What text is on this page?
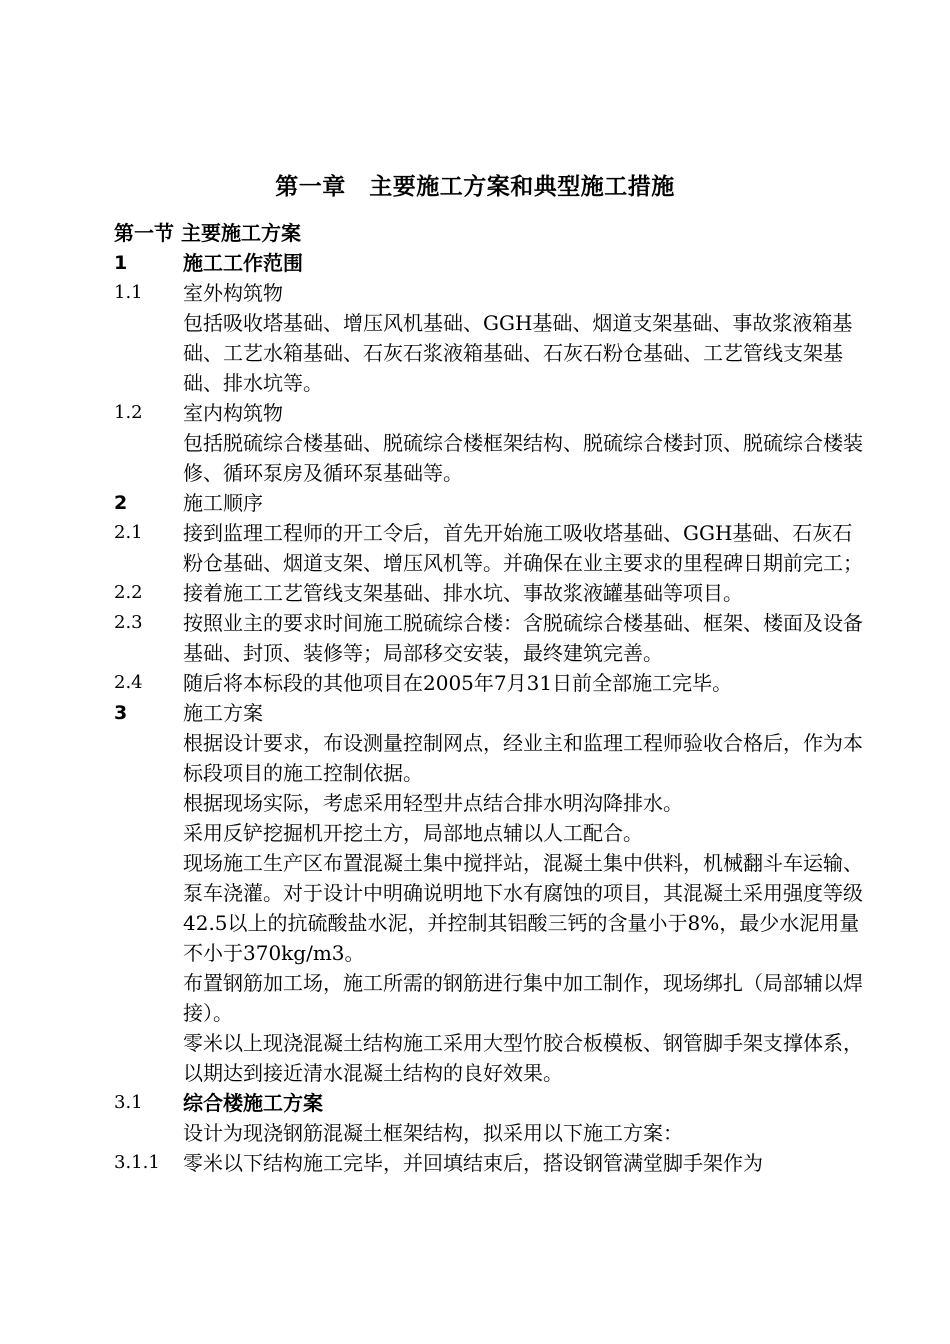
第一章　主要施工方案和典型施工措施
第一节 主要施工方案
1	施工工作范围
1.1	室外构筑物
包括吸收塔基础、增压风机基础、GGH基础、烟道支架基础、事故浆液箱基础、工艺水箱基础、石灰石浆液箱基础、石灰石粉仓基础、工艺管线支架基础、排水坑等。
1.2	室内构筑物
包括脱硫综合楼基础、脱硫综合楼框架结构、脱硫综合楼封顶、脱硫综合楼装修、循环泵房及循环泵基础等。
2	施工顺序
2.1	接到监理工程师的开工令后，首先开始施工吸收塔基础、GGH基础、石灰石粉仓基础、烟道支架、增压风机等。并确保在业主要求的里程碑日期前完工；
2.2	接着施工工艺管线支架基础、排水坑、事故浆液罐基础等项目。
2.3	按照业主的要求时间施工脱硫综合楼：含脱硫综合楼基础、框架、楼面及设备基础、封顶、装修等；局部移交安装，最终建筑完善。
2.4	随后将本标段的其他项目在2005年7月31日前全部施工完毕。
3	施工方案
根据设计要求，布设测量控制网点，经业主和监理工程师验收合格后，作为本标段项目的施工控制依据。
根据现场实际，考虑采用轻型井点结合排水明沟降排水。
采用反铲挖掘机开挖土方，局部地点辅以人工配合。
现场施工生产区布置混凝土集中搅拌站，混凝土集中供料，机械翻斗车运输、泵车浇灌。对于设计中明确说明地下水有腐蚀的项目，其混凝土采用强度等级42.5以上的抗硫酸盐水泥，并控制其铝酸三钙的含量小于8%，最少水泥用量不小于370kg/m3。
布置钢筋加工场，施工所需的钢筋进行集中加工制作，现场绑扎（局部辅以焊接）。
零米以上现浇混凝土结构施工采用大型竹胶合板模板、钢管脚手架支撑体系，以期达到接近清水混凝土结构的良好效果。
3.1	综合楼施工方案
设计为现浇钢筋混凝土框架结构，拟采用以下施工方案：
3.1.1	零米以下结构施工完毕，并回填结束后，搭设钢管满堂脚手架作为
